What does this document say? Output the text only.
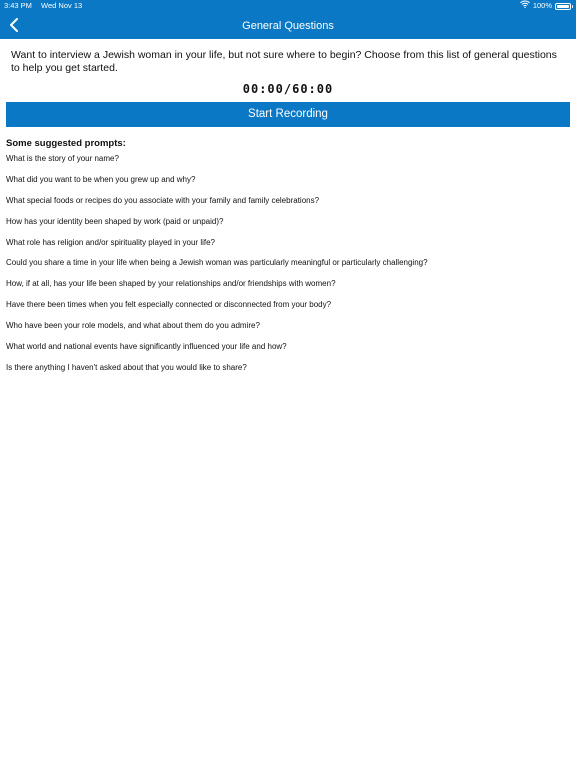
3:43 PM Wed Nov 13	100%
General Questions

Want to interview a Jewish woman in your life, but not sure where to begin? Choose from this list of general questions to help you get started.

00:00/60:00
Start Recording
Some suggested prompts:
What is the story of your name?
What did you want to be when you grew up and why?
What special foods or recipes do you associate with your family and family celebrations?
How has your identity been shaped by work (paid or unpaid)?
What role has religion and/or spirituality played in your life?
Could you share a time in your life when being a Jewish woman was particularly meaningful or particularly challenging?
How, if at all, has your life been shaped by your relationships and/or friendships with women?
Have there been times when you felt especially connected or disconnected from your body?
Who have been your role models, and what about them do you admire?
What world and national events have significantly influenced your life and how?
Is there anything I haven't asked about that you would like to share?
